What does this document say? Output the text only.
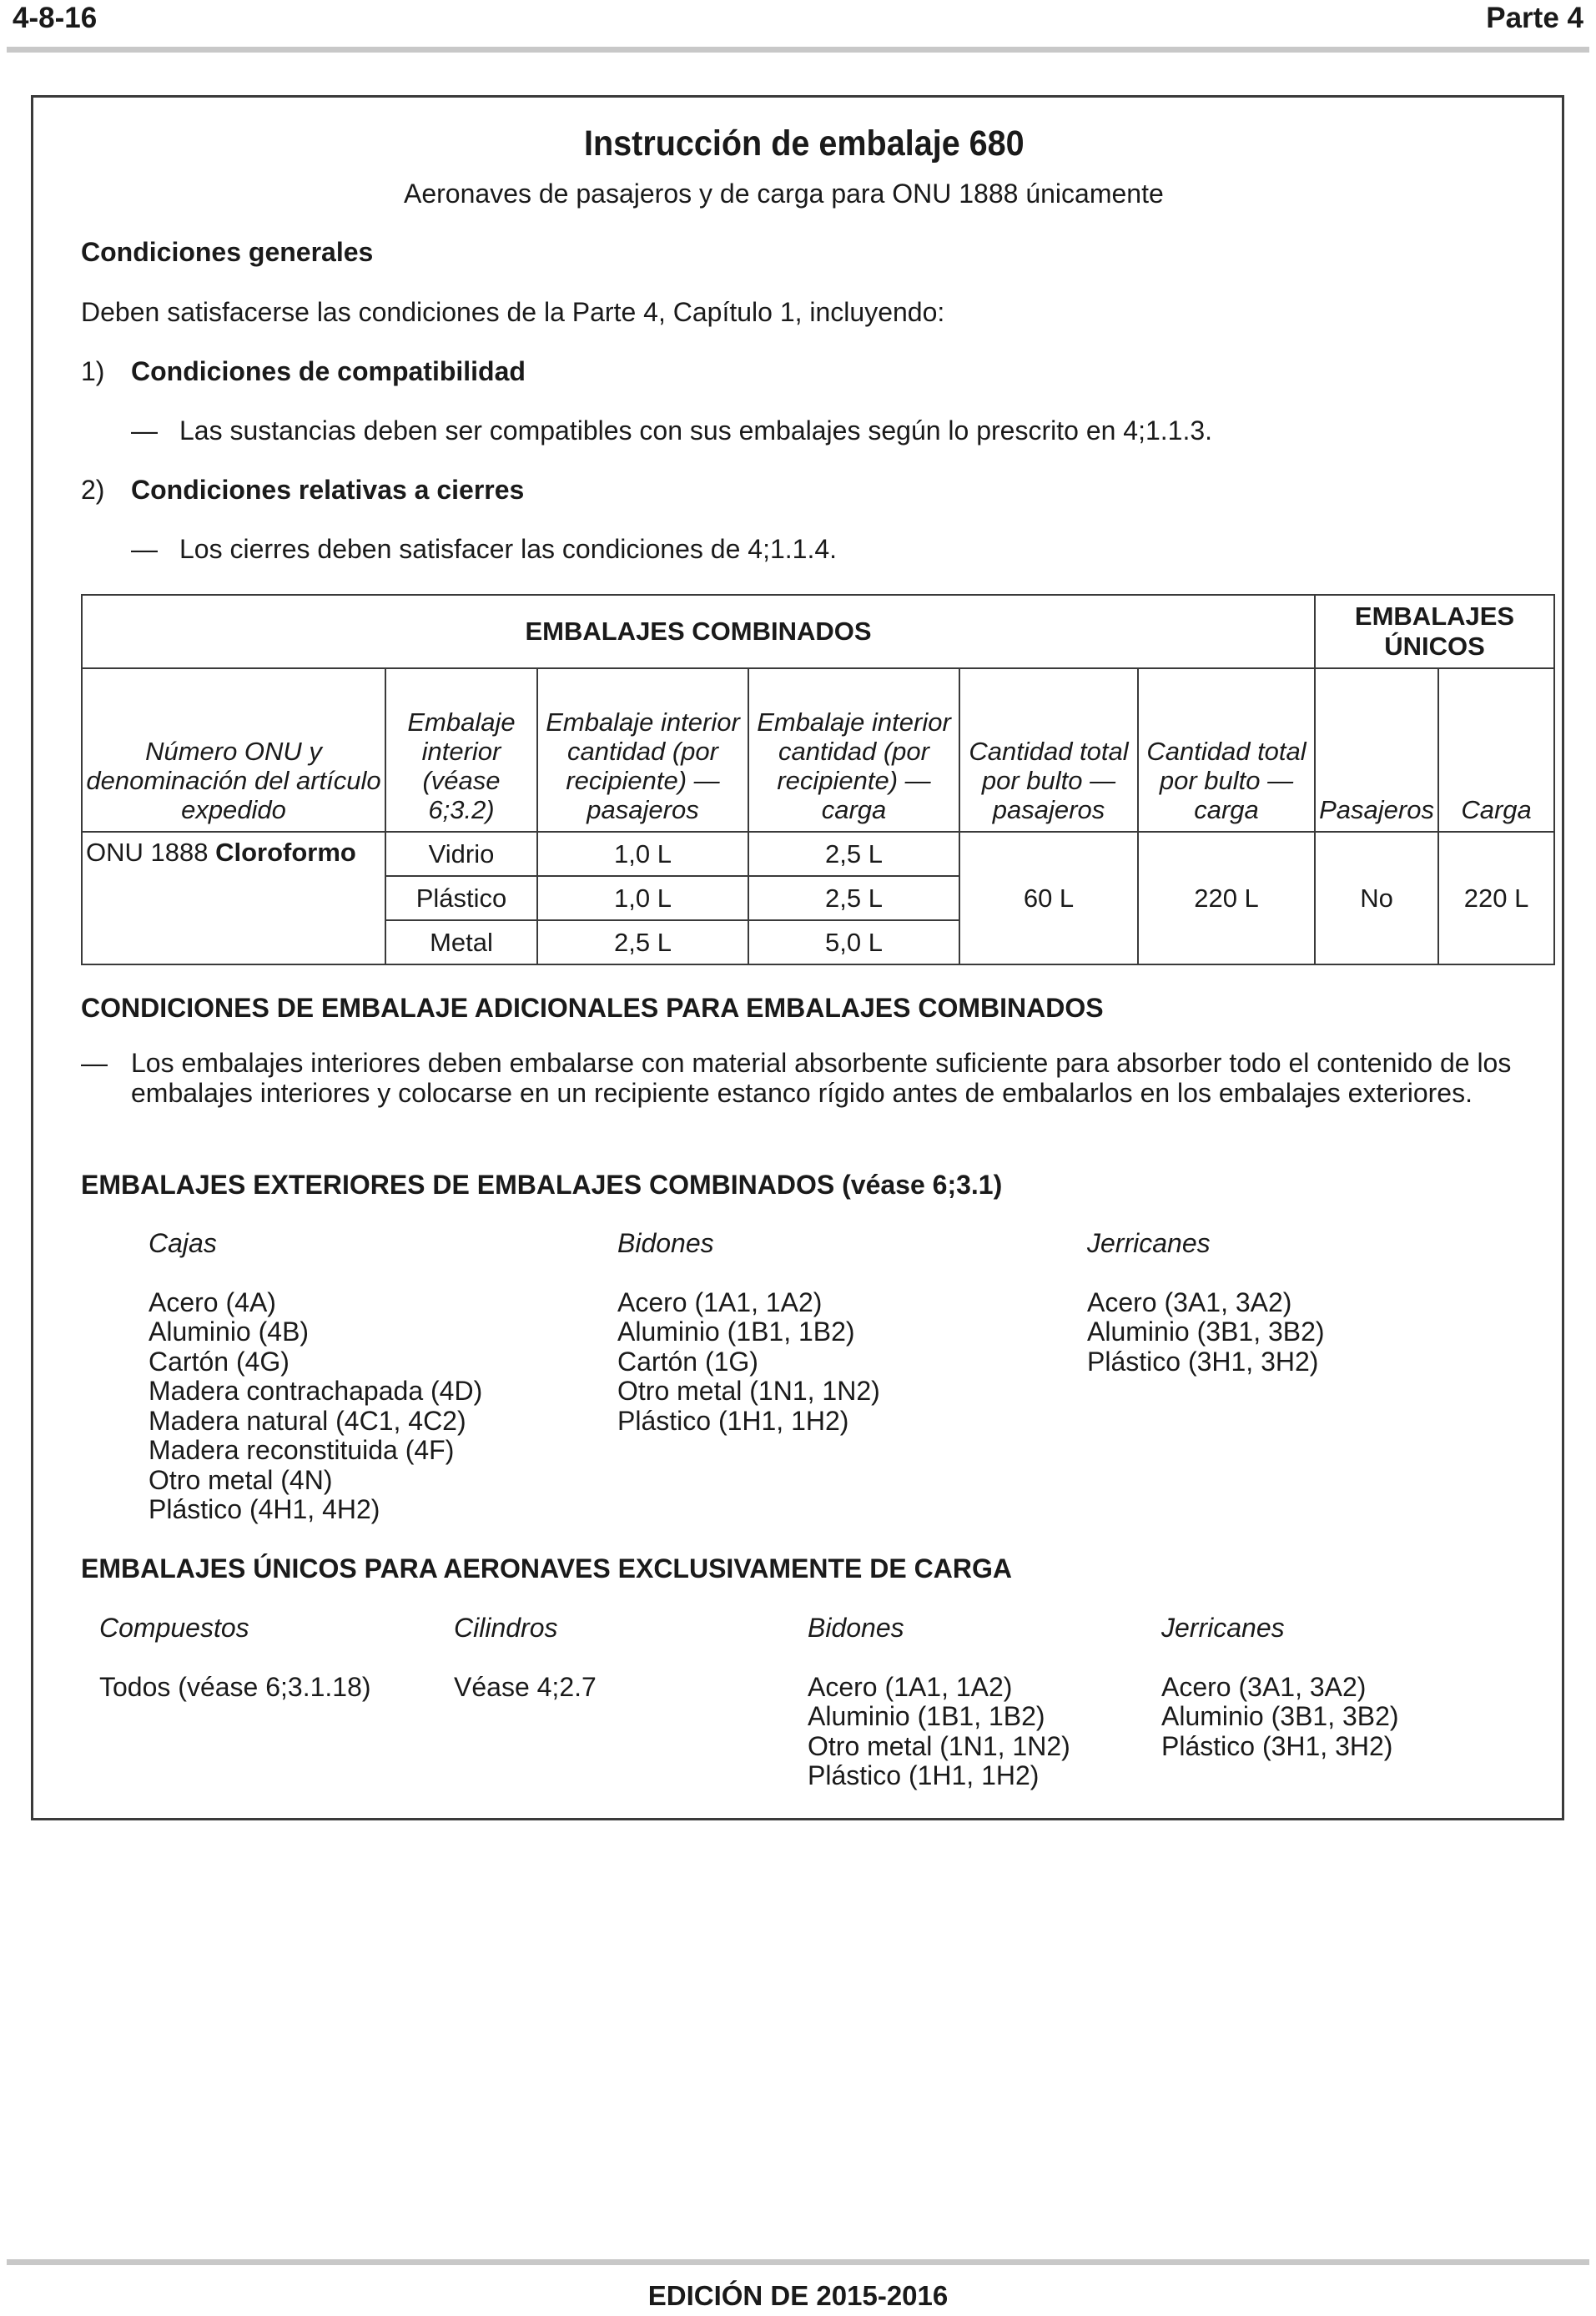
4-8-16	Parte 4
Instrucción de embalaje 680
Aeronaves de pasajeros y de carga para ONU 1888 únicamente
Condiciones generales
Deben satisfacerse las condiciones de la Parte 4, Capítulo 1, incluyendo:
1) Condiciones de compatibilidad
— Las sustancias deben ser compatibles con sus embalajes según lo prescrito en 4;1.1.3.
2) Condiciones relativas a cierres
— Los cierres deben satisfacer las condiciones de 4;1.1.4.
EMBALAJES COMBINADOS						EMBALAJES ÚNICOS	
Número ONU y denominación del artículo expedido	Embalaje interior (véase 6;3.2)	Embalaje interior cantidad (por recipiente) — pasajeros	Embalaje interior cantidad (por recipiente) — carga	Cantidad total por bulto — pasajeros	Cantidad total por bulto — carga	Pasajeros	Carga
ONU 1888 Cloroformo	Vidrio	1,0 L	2,5 L	60 L	220 L	No	220 L
	Plástico	1,0 L	2,5 L				
	Metal	2,5 L	5,0 L				
CONDICIONES DE EMBALAJE ADICIONALES PARA EMBALAJES COMBINADOS
— Los embalajes interiores deben embalarse con material absorbente suficiente para absorber todo el contenido de los embalajes interiores y colocarse en un recipiente estanco rígido antes de embalarlos en los embalajes exteriores.
EMBALAJES EXTERIORES DE EMBALAJES COMBINADOS (véase 6;3.1)
Cajas
Acero (4A)
Aluminio (4B)
Cartón (4G)
Madera contrachapada (4D)
Madera natural (4C1, 4C2)
Madera reconstituida (4F)
Otro metal (4N)
Plástico (4H1, 4H2)
Bidones
Acero (1A1, 1A2)
Aluminio (1B1, 1B2)
Cartón (1G)
Otro metal (1N1, 1N2)
Plástico (1H1, 1H2)
Jerricanes
Acero (3A1, 3A2)
Aluminio (3B1, 3B2)
Plástico (3H1, 3H2)
EMBALAJES ÚNICOS PARA AERONAVES EXCLUSIVAMENTE DE CARGA
Compuestos
Todos (véase 6;3.1.18)
Cilindros
Véase 4;2.7
Bidones
Acero (1A1, 1A2)
Aluminio (1B1, 1B2)
Otro metal (1N1, 1N2)
Plástico (1H1, 1H2)
Jerricanes
Acero (3A1, 3A2)
Aluminio (3B1, 3B2)
Plástico (3H1, 3H2)
EDICIÓN DE 2015-2016
